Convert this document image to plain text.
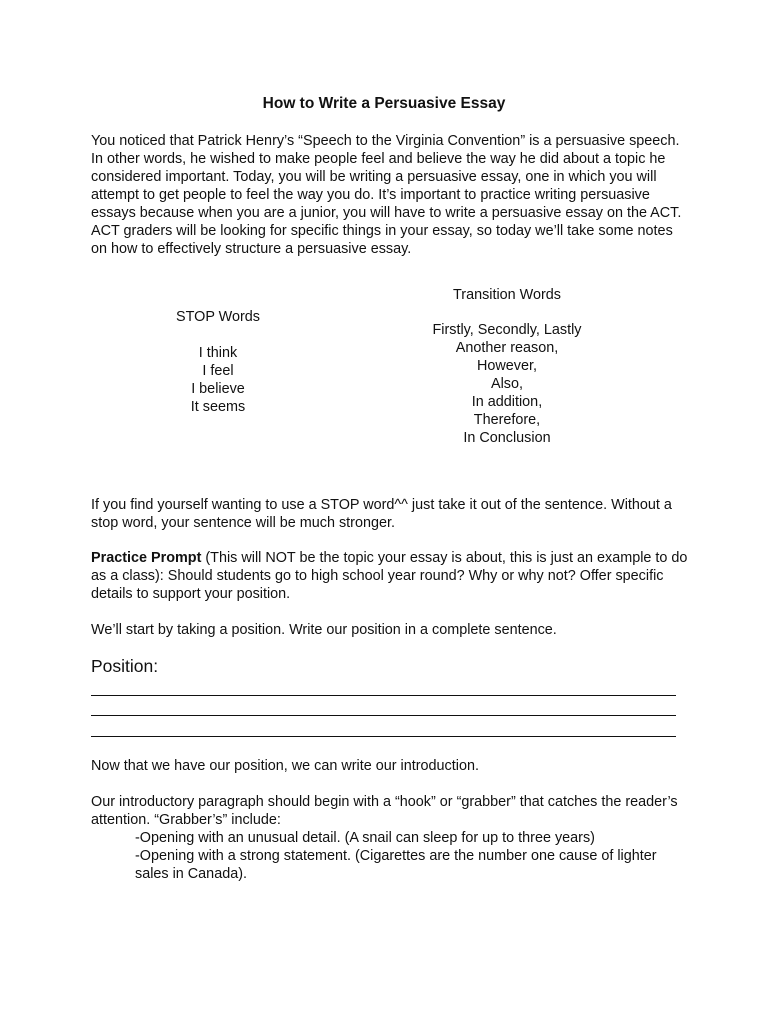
How to Write a Persuasive Essay

You noticed that Patrick Henry’s “Speech to the Virginia Convention” is a persuasive speech. In other words, he wished to make people feel and believe the way he did about a topic he considered important. Today, you will be writing a persuasive essay, one in which you will attempt to get people to feel the way you do. It’s important to practice writing persuasive essays because when you are a junior, you will have to write a persuasive essay on the ACT. ACT graders will be looking for specific things in your essay, so today we’ll take some notes on how to effectively structure a persuasive essay.

STOP Words
I think
I feel
I believe
It seems
Transition Words
Firstly, Secondly, Lastly
Another reason,
However,
Also,
In addition,
Therefore,
In Conclusion

If you find yourself wanting to use a STOP word^^ just take it out of the sentence. Without a stop word, your sentence will be much stronger.

Practice Prompt (This will NOT be the topic your essay is about, this is just an example to do as a class): Should students go to high school year round? Why or why not? Offer specific details to support your position.

We’ll start by taking a position. Write our position in a complete sentence.

Position:

Now that we have our position, we can write our introduction.

Our introductory paragraph should begin with a “hook” or “grabber” that catches the reader’s attention. “Grabber’s” include:
-Opening with an unusual detail. (A snail can sleep for up to three years)
-Opening with a strong statement. (Cigarettes are the number one cause of lighter sales in Canada).
